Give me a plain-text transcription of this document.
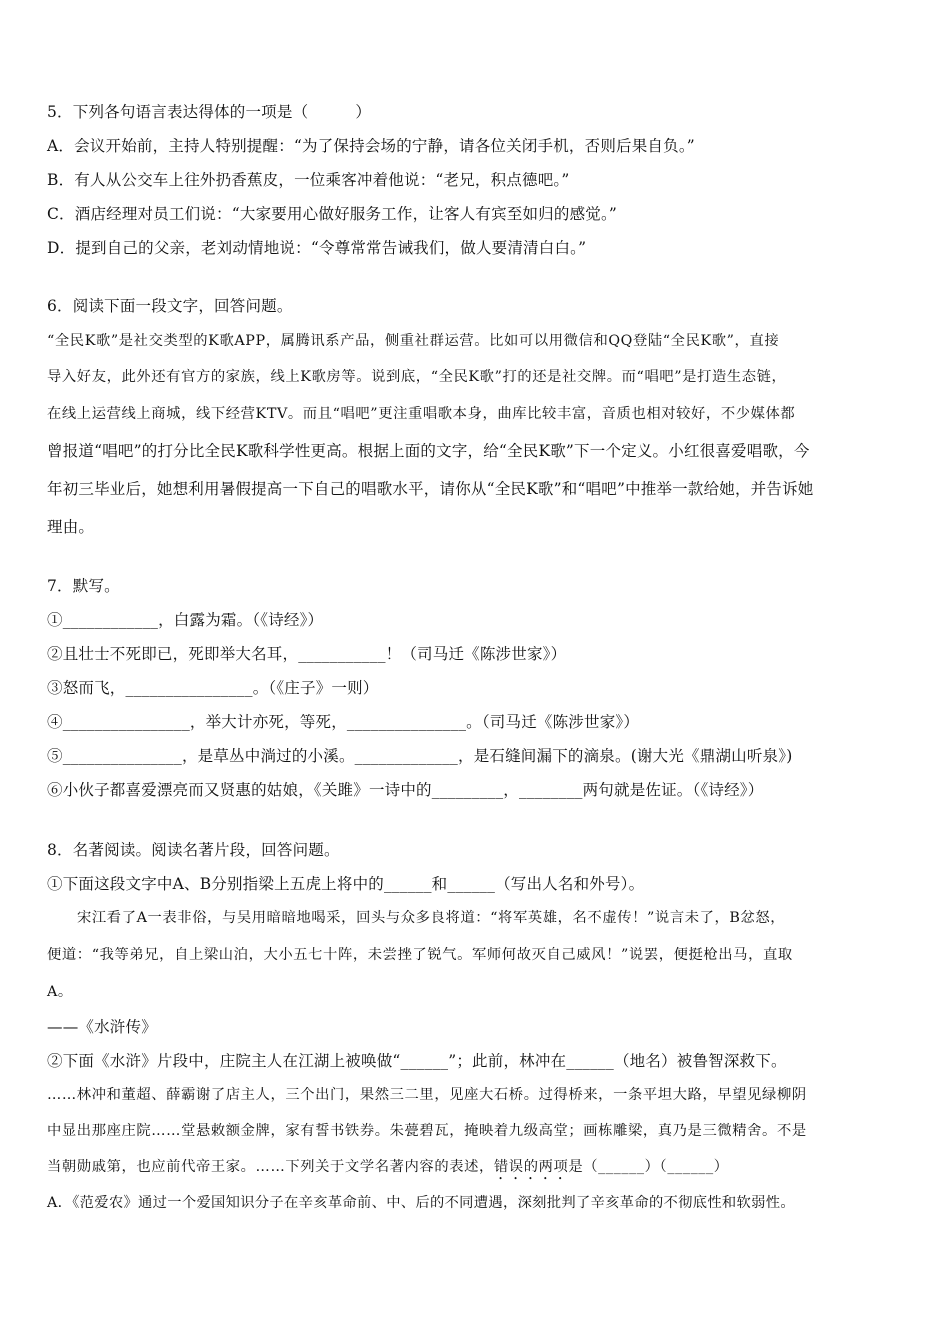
5．下列各句语言表达得体的一项是（　　　）
A．会议开始前，主持人特别提醒：“为了保持会场的宁静，请各位关闭手机，否则后果自负。”
B．有人从公交车上往外扔香蕉皮，一位乘客冲着他说：“老兄，积点德吧。”
C．酒店经理对员工们说：“大家要用心做好服务工作，让客人有宾至如归的感觉。”
D．提到自己的父亲，老刘动情地说：“令尊常常告诫我们，做人要清清白白。”
6．阅读下面一段文字，回答问题。
“全民K歌”是社交类型的K歌APP，属腾讯系产品，侧重社群运营。比如可以用微信和QQ登陆“全民K歌”，直接
导入好友，此外还有官方的家族，线上K歌房等。说到底，“全民K歌”打的还是社交牌。而“唱吧”是打造生态链，
在线上运营线上商城，线下经营KTV。而且“唱吧”更注重唱歌本身，曲库比较丰富，音质也相对较好，不少媒体都
曾报道“唱吧”的打分比全民K歌科学性更高。根据上面的文字，给“全民K歌”下一个定义。小红很喜爱唱歌，今
年初三毕业后，她想利用暑假提高一下自己的唱歌水平，请你从“全民K歌”和“唱吧”中推举一款给她，并告诉她
理由。
7．默写。
①____________，白露为霜。（《诗经》）
②且壮士不死即已，死即举大名耳，___________！（司马迁《陈涉世家》）
③怒而飞，________________。（《庄子》一则）
④________________，举大计亦死，等死，_______________。（司马迁《陈涉世家》）
⑤_______________，是草丛中淌过的小溪。_____________，是石缝间漏下的滴泉。(谢大光《鼎湖山听泉》)
⑥小伙子都喜爱漂亮而又贤惠的姑娘，《关雎》一诗中的_________，________两句就是佐证。（《诗经》）
8．名著阅读。阅读名著片段，回答问题。
①下面这段文字中A、B分别指梁上五虎上将中的______和______（写出人名和外号）。
宋江看了A一表非俗，与吴用暗暗地喝采，回头与众多良将道：“将军英雄，名不虚传！”说言未了，B忿怒，
便道：“我等弟兄，自上梁山泊，大小五七十阵，未尝挫了锐气。军师何故灭自己威风！”说罢，便挺枪出马，直取
A。
——《水浒传》
②下面《水浒》片段中，庄院主人在江湖上被唤做“______”；此前，林冲在______（地名）被鲁智深救下。
……林冲和董超、薛霸谢了店主人，三个出门，果然三二里，见座大石桥。过得桥来，一条平坦大路，早望见绿柳阴
中显出那座庄院……堂悬敕额金牌，家有誓书铁券。朱甍碧瓦，掩映着九级高堂；画栋雕梁，真乃是三微精舍。不是
当朝勋戚第，也应前代帝王家。……下列关于文学名著内容的表述，错误的两项是（______）（______）
A．《范爱农》通过一个爱国知识分子在辛亥革命前、中、后的不同遭遇，深刻批判了辛亥革命的不彻底性和软弱性。
